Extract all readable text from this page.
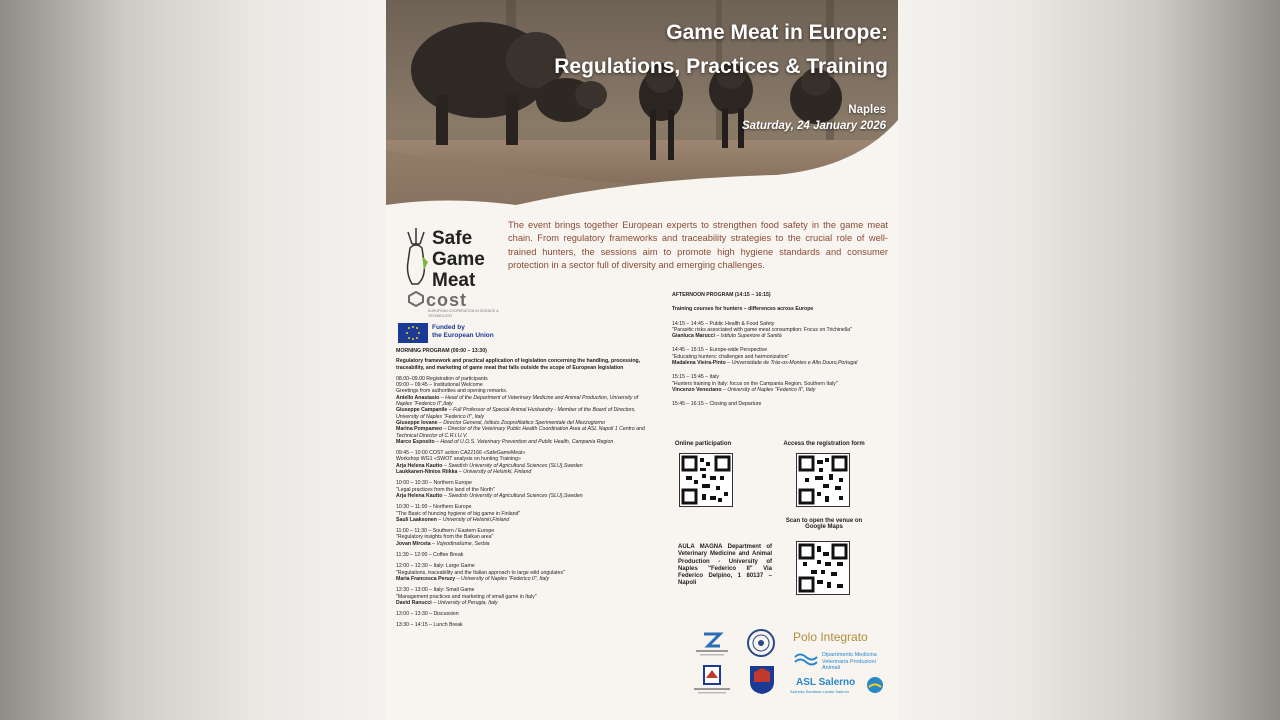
Game Meat in Europe:
Regulations, Practices & Training
Naples
Saturday, 24 January 2026
Safe
Game
Meat
cost
EUROPEAN COOPERATION IN SCIENCE & TECHNOLOGY
Funded by
the European Union
The event brings together European experts to strengthen food safety in the game meat chain. From regulatory frameworks and traceability strategies to the crucial role of well-trained hunters, the sessions aim to promote high hygiene standards and consumer protection in a sector full of diversity and emerging challenges.
MORNING PROGRAM (09:00 – 13:30)
Regulatory framework and practical application of legislation concerning the handling, processing, traceability, and marketing of game meat that falls outside the scope of European legislation
08.00–09.00 Registration of participants
09:00 – 09:45 – Institutional Welcome
Greetings from authorities and opening remarks.
Aniello Anastasio – Head of the Department of Veterinary Medicine and Animal Production, University of Naples "Federico II",Italy
Giuseppe Campanile – Full Professor of Special Animal Husbandry - Member of the Board of Directors, University of Naples "Federico II", Italy
Giuseppe Iovane – Director General, Istituto Zooprofilattico Sperimentale del Mezzogiorno
Marina Pompameo – Director of the Veterinary Public Health Coordination Area at ASL Napoli 1 Centro and Technical Director of C.R.I.U.V.
Marco Esposito – Head of U.O.S. Veterinary Prevention and Public Health, Campania Region
09:45 – 10:00 COST action CA22166 «SafeGameMeat»
Workshop WG1 «SWOT analysis on hunting Training»
Arja Helena Kautto – Swedish University of Agricultural Sciences (SLU),Sweden
Laukkanen-Ninios Riikka – University of Helsinki, Finland
10:00 – 10:30 – Northern Europe
"Legal practices from the land of the North"
Arja Helena Kautto – Swedish University of Agricultural Sciences (SLU),Sweden
10:30 – 11:00 – Northern Europe
"The Basic of huncing hygiene of big game in Finland"
Sauli Laaksonen – University of Helsinki,Finland
11:00 – 11:30 – Southern / Eastern Europe
"Regulatory insights from the Balkan area"
Jovan Mirceta – Vojvodinašume, Serbia
11:30 – 12:00 – Coffee Break
12:00 – 12:30 – Italy: Large Game
"Regulations, traceability and the Italian approach to large wild ungulates"
Maria Francesca Peruzy – University of Naples "Federico II", Italy
12:30 – 13:00 – Italy: Small Game
"Management practices and marketing of small game in Italy"
David Ranucci – University of Perugia, Italy
13:00 – 13:30 – Discussion
13:30 – 14:15 – Lunch Break
AFTERNOON PROGRAM (14:15 – 16:15)
Training courses for hunters – differences across Europe
14:15 – 14:45 – Public Health & Food Safety
"Parasitic risks associated with game meat consumption: Focus on Trichinella"
Gianluca Marucci – Istituto Superiore di Sanità
14:45 – 15:15 – Europe-wide Perspective
"Educating hunters: challenges and harmonization"
Madalena Vieira-Pinto – Universidade de Trás-os-Montes e Alto Douro,Portugal
15:15 – 15:45 – Italy
"Hunters training in Italy: focus on the Campania Region, Southern Italy"
Vincenzo Veneziano – University of Naples "Federico II", Italy
15:45 – 16:15 – Closing and Departure
Online participation	Access the registration form
Scan to open the venue on Google Maps
AULA MAGNA Department of Veterinary Medicine and Animal Production - University of Naples "Federico II" Via Federico Delpino, 1 80137 – Napoli
Polo Integrato
Dipartimento Medicina Veterinaria Produzioni Animali
ASL Salerno
Azienda Sanitaria Locale Salerno
